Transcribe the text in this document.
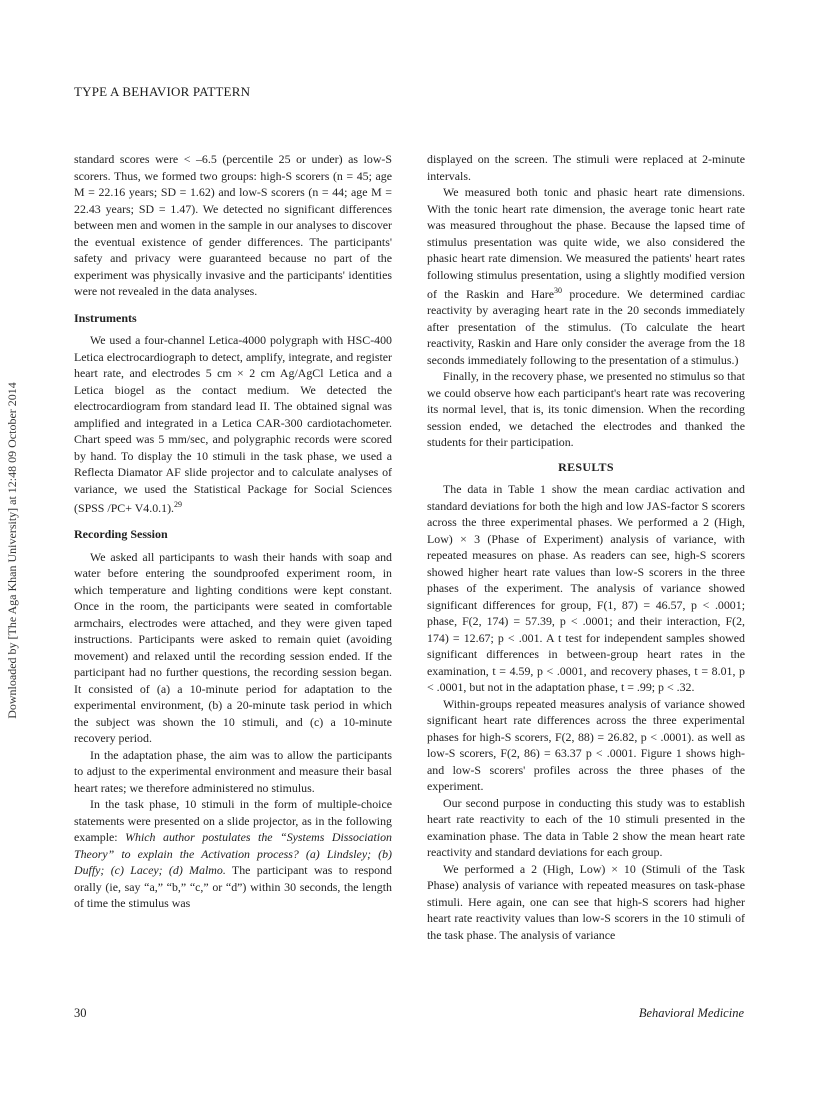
TYPE A BEHAVIOR PATTERN
Downloaded by [The Aga Khan University] at 12:48 09 October 2014

standard scores were < –6.5 (percentile 25 or under) as low-S scorers. Thus, we formed two groups: high-S scorers (n = 45; age M = 22.16 years; SD = 1.62) and low-S scorers (n = 44; age M = 22.43 years; SD = 1.47). We detected no significant differences between men and women in the sample in our analyses to discover the eventual existence of gender differences. The participants' safety and privacy were guaranteed because no part of the experiment was physically invasive and the participants' identities were not revealed in the data analyses.

Instruments

We used a four-channel Letica-4000 polygraph with HSC-400 Letica electrocardiograph to detect, amplify, integrate, and register heart rate, and electrodes 5 cm × 2 cm Ag/AgCl Letica and a Letica biogel as the contact medium. We detected the electrocardiogram from standard lead II. The obtained signal was amplified and integrated in a Letica CAR-300 cardiotachometer. Chart speed was 5 mm/sec, and polygraphic records were scored by hand. To display the 10 stimuli in the task phase, we used a Reflecta Diamator AF slide projector and to calculate analyses of variance, we used the Statistical Package for Social Sciences (SPSS /PC+ V4.0.1).$^{29}$

Recording Session

We asked all participants to wash their hands with soap and water before entering the soundproofed experiment room, in which temperature and lighting conditions were kept constant. Once in the room, the participants were seated in comfortable armchairs, electrodes were attached, and they were given taped instructions. Participants were asked to remain quiet (avoiding movement) and relaxed until the recording session ended. If the participant had no further questions, the recording session began. It consisted of (a) a 10-minute period for adaptation to the experimental environment, (b) a 20-minute task period in which the subject was shown the 10 stimuli, and (c) a 10-minute recovery period.

In the adaptation phase, the aim was to allow the participants to adjust to the experimental environment and measure their basal heart rates; we therefore administered no stimulus.

In the task phase, 10 stimuli in the form of multiple-choice statements were presented on a slide projector, as in the following example: Which author postulates the “Systems Dissociation Theory” to explain the Activation process? (a) Lindsley; (b) Duffy; (c) Lacey; (d) Malmo. The participant was to respond orally (ie, say “a,” “b,” “c,” or “d”) within 30 seconds, the length of time the stimulus was

displayed on the screen. The stimuli were replaced at 2-minute intervals.

We measured both tonic and phasic heart rate dimensions. With the tonic heart rate dimension, the average tonic heart rate was measured throughout the phase. Because the lapsed time of stimulus presentation was quite wide, we also considered the phasic heart rate dimension. We measured the patients' heart rates following stimulus presentation, using a slightly modified version of the Raskin and Hare$^{30}$ procedure. We determined cardiac reactivity by averaging heart rate in the 20 seconds immediately after presentation of the stimulus. (To calculate the heart reactivity, Raskin and Hare only consider the average from the 18 seconds immediately following to the presentation of a stimulus.)

Finally, in the recovery phase, we presented no stimulus so that we could observe how each participant's heart rate was recovering its normal level, that is, its tonic dimension. When the recording session ended, we detached the electrodes and thanked the students for their participation.

RESULTS

The data in Table 1 show the mean cardiac activation and standard deviations for both the high and low JAS-factor S scorers across the three experimental phases. We performed a 2 (High, Low) × 3 (Phase of Experiment) analysis of variance, with repeated measures on phase. As readers can see, high-S scorers showed higher heart rate values than low-S scorers in the three phases of the experiment. The analysis of variance showed significant differences for group, F(1, 87) = 46.57, p < .0001; phase, F(2, 174) = 57.39, p < .0001; and their interaction, F(2, 174) = 12.67; p < .001. A t test for independent samples showed significant differences in between-group heart rates in the examination, t = 4.59, p < .0001, and recovery phases, t = 8.01, p < .0001, but not in the adaptation phase, t = .99; p < .32.

Within-groups repeated measures analysis of variance showed significant heart rate differences across the three experimental phases for high-S scorers, F(2, 88) = 26.82, p < .0001). as well as low-S scorers, F(2, 86) = 63.37 p < .0001. Figure 1 shows high- and low-S scorers' profiles across the three phases of the experiment.

Our second purpose in conducting this study was to establish heart rate reactivity to each of the 10 stimuli presented in the examination phase. The data in Table 2 show the mean heart rate reactivity and standard deviations for each group.

We performed a 2 (High, Low) × 10 (Stimuli of the Task Phase) analysis of variance with repeated measures on task-phase stimuli. Here again, one can see that high-S scorers had higher heart rate reactivity values than low-S scorers in the 10 stimuli of the task phase. The analysis of variance

30	Behavioral Medicine
